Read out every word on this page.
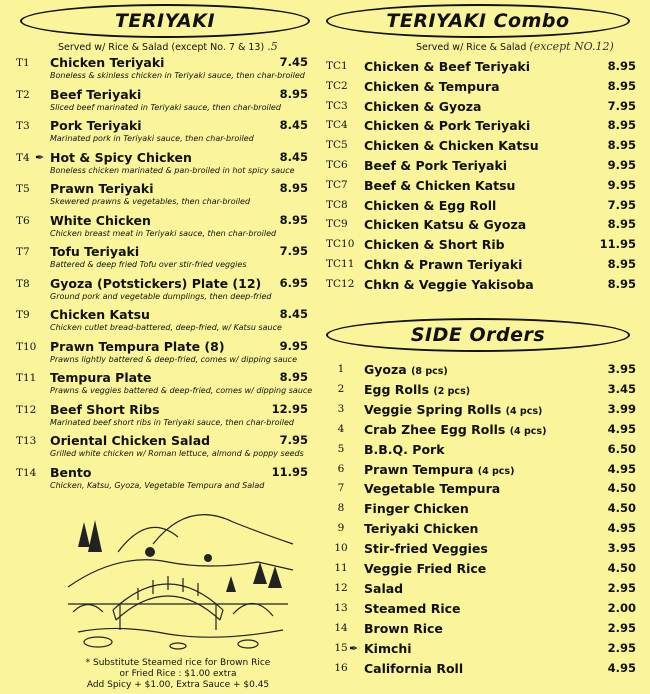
TERIYAKI
Served w/ Rice & Salad (except No. 7 & 13) .5
TERIYAKI Combo
Served w/ Rice & Salad (except NO.12)
SIDE Orders
T1 Chicken Teriyaki	7.45
Boneless & skinless chicken in Teriyaki sauce, then char-broiled
T2 Beef Teriyaki	8.95
Sliced beef marinated in Teriyaki sauce, then char-broiled
T3 Pork Teriyaki	8.45
Marinated pork in Teriyaki sauce, then char-broiled
T4 Hot & Spicy Chicken	8.45
Boneless chicken marinated & pan-broiled in hot spicy sauce
✒
T5 Prawn Teriyaki	8.95
Skewered prawns & vegetables, then char-broiled
T6 White Chicken	8.95
Chicken breast meat in Teriyaki sauce, then char-broiled
T7 Tofu Teriyaki	7.95
Battered & deep fried Tofu over stir-fried veggies
T8 Gyoza (Potstickers) Plate (12)	6.95
Ground pork and vegetable dumplings, then deep-fried
T9 Chicken Katsu	8.45
Chicken cutlet bread-battered, deep-fried, w/ Katsu sauce
T10 Prawn Tempura Plate (8)	9.95
Prawns lightly battered & deep-fried, comes w/ dipping sauce
T11 Tempura Plate	8.95
Prawns & veggies battered & deep-fried, comes w/ dipping sauce
T12 Beef Short Ribs	12.95
Marinated beef short ribs in Teriyaki sauce, then char-broiled
T13 Oriental Chicken Salad	7.95
Grilled white chicken w/ Roman lettuce, almond & poppy seeds
T14 Bento	11.95
Chicken, Katsu, Gyoza, Vegetable Tempura and Salad
TC1 Chicken & Beef Teriyaki	8.95
TC2 Chicken & Tempura	8.95
TC3 Chicken & Gyoza	7.95
TC4 Chicken & Pork Teriyaki	8.95
TC5 Chicken & Chicken Katsu	8.95
TC6 Beef & Pork Teriyaki	9.95
TC7 Beef & Chicken Katsu	9.95
TC8 Chicken & Egg Roll	7.95
TC9 Chicken Katsu & Gyoza	8.95
TC10 Chicken & Short Rib	11.95
TC11 Chkn & Prawn Teriyaki	8.95
TC12 Chkn & Veggie Yakisoba	8.95
1 Gyoza (8 pcs)	3.95
2 Egg Rolls (2 pcs)	3.45
3 Veggie Spring Rolls (4 pcs)	3.99
4 Crab Zhee Egg Rolls (4 pcs)	4.95
5 B.B.Q. Pork	6.50
6 Prawn Tempura (4 pcs)	4.95
7 Vegetable Tempura	4.50
8 Finger Chicken	4.50
9 Teriyaki Chicken	4.95
10 Stir-fried Veggies	3.95
11 Veggie Fried Rice	4.50
12 Salad	2.95
13 Steamed Rice	2.00
14 Brown Rice	2.95
15 Kimchi	2.95
✒
16 California Roll	4.95
* Substitute Steamed rice for Brown Rice
or Fried Rice : $1.00 extra
Add Spicy + $1.00, Extra Sauce + $0.45
